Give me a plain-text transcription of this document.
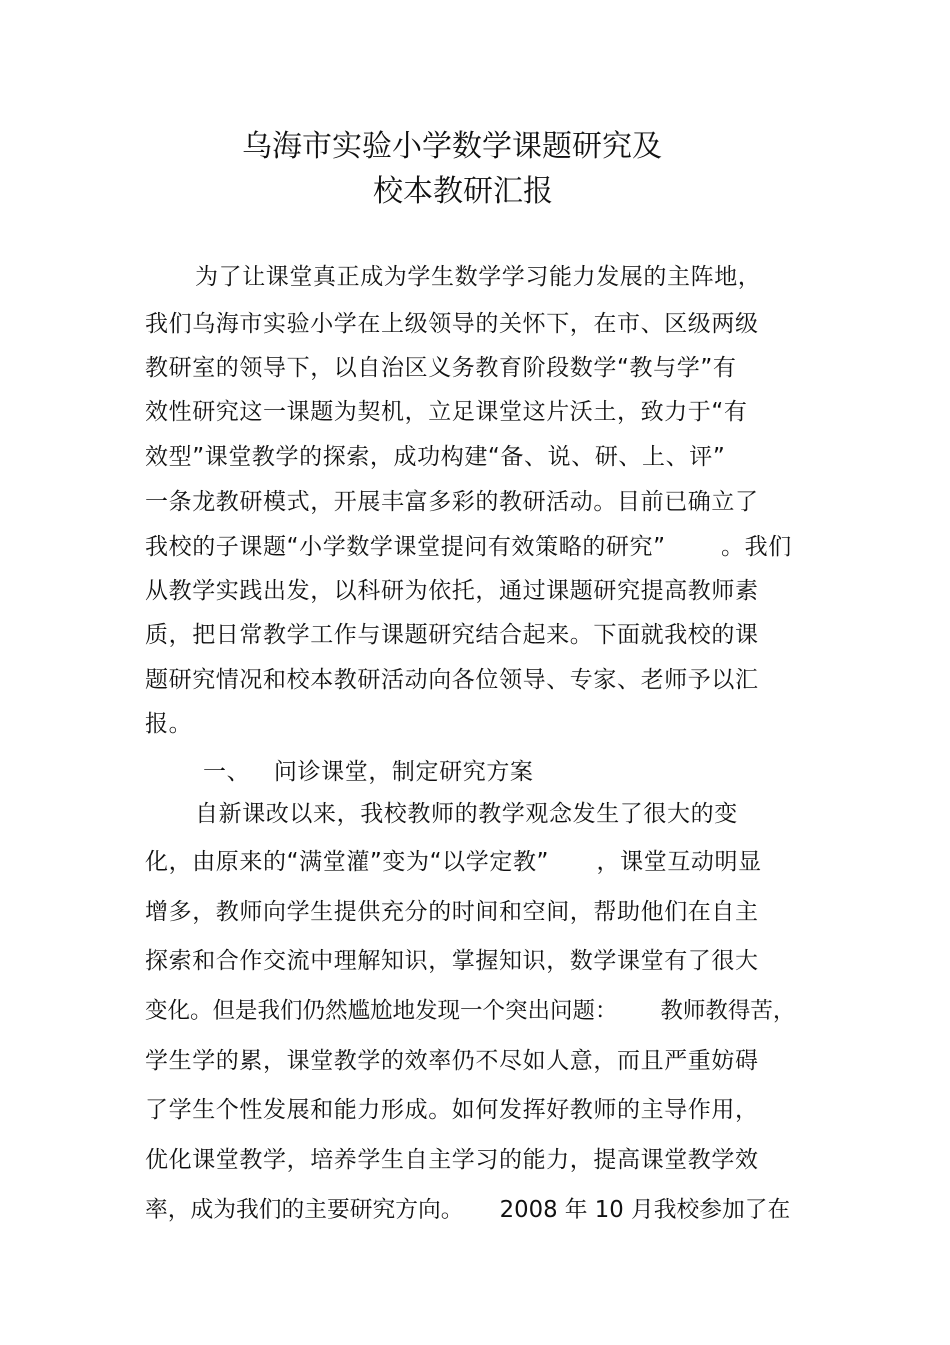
乌海市实验小学数学课题研究及
校本教研汇报
为了让课堂真正成为学生数学学习能力发展的主阵地，
我们乌海市实验小学在上级领导的关怀下，在市、区级两级
教研室的领导下，以自治区义务教育阶段数学“教与学”有
效性研究这一课题为契机，立足课堂这片沃土，致力于“有
效型”课堂教学的探索，成功构建“备、说、研、上、评”
一条龙教研模式，开展丰富多彩的教研活动。目前已确立了
我校的子课题“小学数学课堂提问有效策略的研究”       。我们
从教学实践出发，以科研为依托，通过课题研究提高教师素
质，把日常教学工作与课题研究结合起来。下面就我校的课
题研究情况和校本教研活动向各位领导、专家、老师予以汇
报。
一、   问诊课堂，制定研究方案
自新课改以来，我校教师的教学观念发生了很大的变
化，由原来的“满堂灌”变为“以学定教”      ，课堂互动明显
增多，教师向学生提供充分的时间和空间，帮助他们在自主
探索和合作交流中理解知识，掌握知识，数学课堂有了很大
变化。但是我们仍然尴尬地发现一个突出问题：      教师教得苦，
学生学的累，课堂教学的效率仍不尽如人意，而且严重妨碍
了学生个性发展和能力形成。如何发挥好教师的主导作用，
优化课堂教学，培养学生自主学习的能力，提高课堂教学效
率，成为我们的主要研究方向。     2008 年 10 月我校参加了在
